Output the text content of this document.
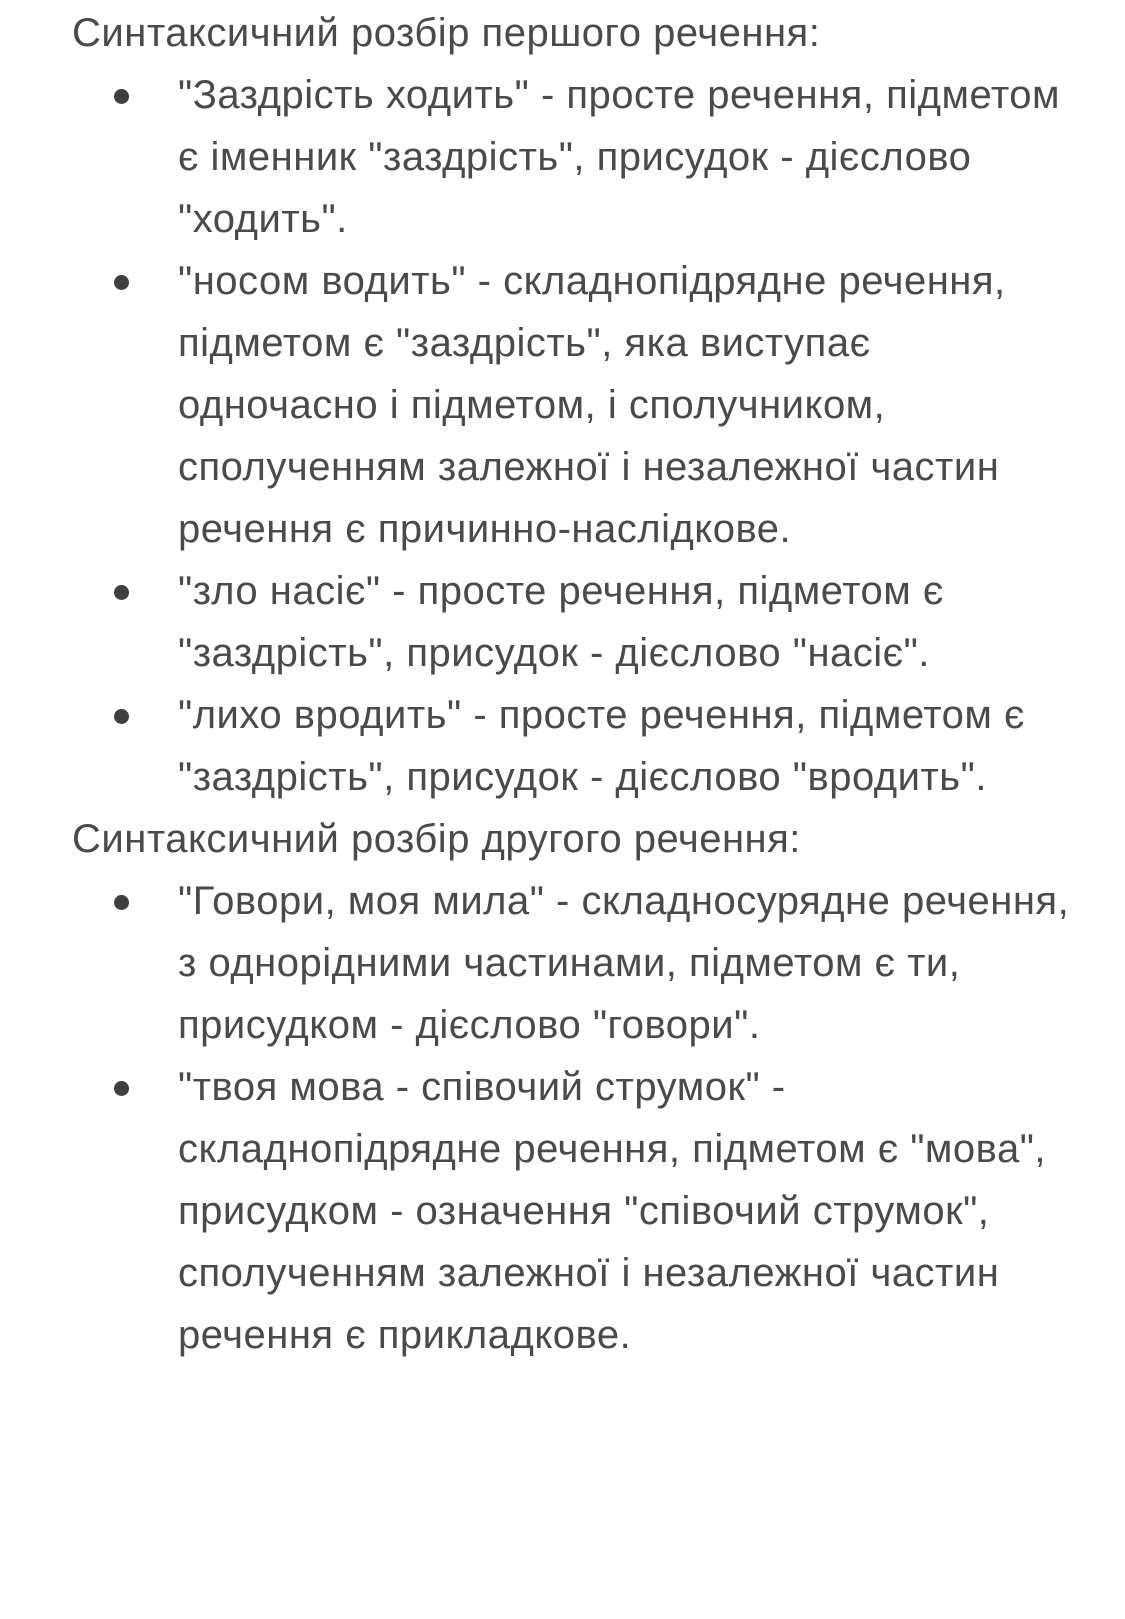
Синтаксичний розбір першого речення:
"Заздрість ходить" - просте речення, підметом є іменник "заздрість", присудок - дієслово "ходить".
"носом водить" - складнопідрядне речення, підметом є "заздрість", яка виступає одночасно і підметом, і сполучником, сполученням залежної і незалежної частин речення є причинно-наслідкове.
"зло насіє" - просте речення, підметом є "заздрість", присудок - дієслово "насіє".
"лихо вродить" - просте речення, підметом є "заздрість", присудок - дієслово "вродить".
Синтаксичний розбір другого речення:
"Говори, моя мила" - складносурядне речення, з однорідними частинами, підметом є ти, присудком - дієслово "говори".
"твоя мова - співочий струмок" - складнопідрядне речення, підметом є "мова", присудком - означення "співочий струмок", сполученням залежної і незалежної частин речення є прикладкове.
